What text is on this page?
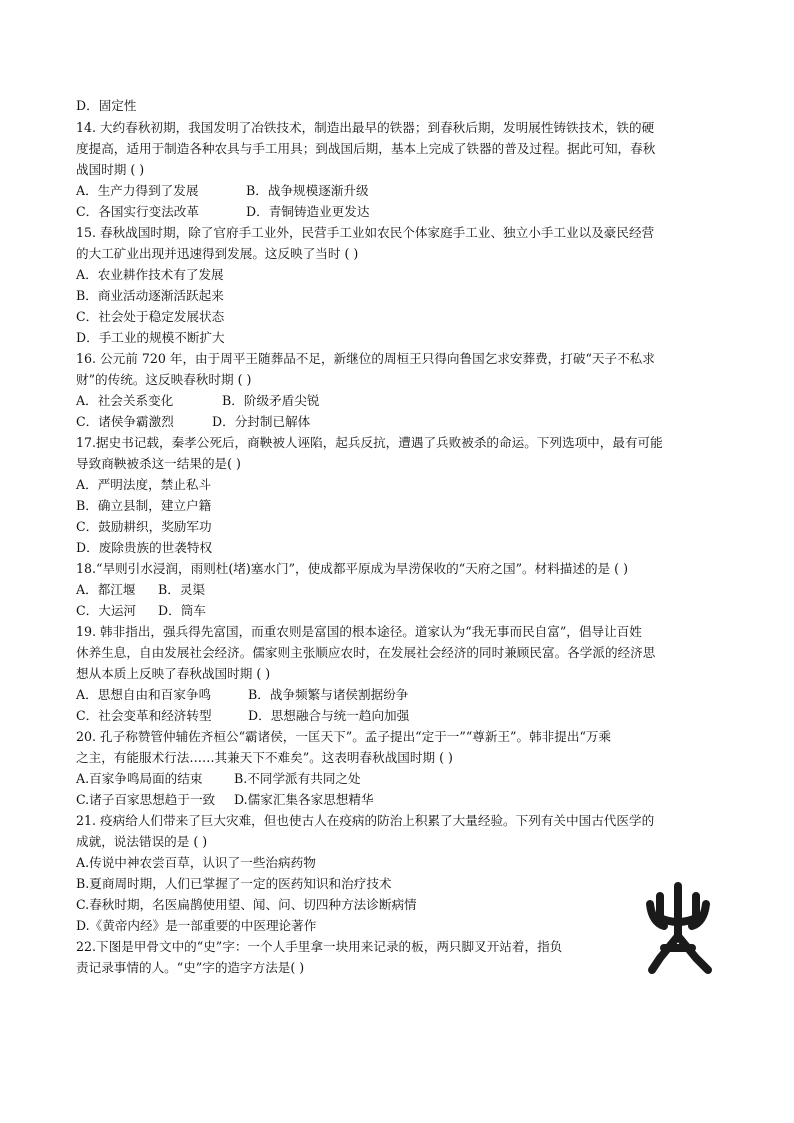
D．固定性
14. 大约春秋初期，我国发明了冶铁技术，制造出最早的铁器；到春秋后期，发明展性铸铁技术，铁的硬
度提高，适用于制造各种农具与手工用具；到战国后期，基本上完成了铁器的普及过程。据此可知，春秋
战国时期 ( )
A．生产力得到了发展	B．战争规模逐渐升级
C．各国实行变法改革	D．青铜铸造业更发达
15. 春秋战国时期，除了官府手工业外，民营手工业如农民个体家庭手工业、独立小手工业以及豪民经营
的大工矿业出现并迅速得到发展。这反映了当时 ( )
A．农业耕作技术有了发展
B．商业活动逐渐活跃起来
C．社会处于稳定发展状态
D．手工业的规模不断扩大
16. 公元前 720 年，由于周平王随葬品不足，新继位的周桓王只得向鲁国乞求安葬费，打破“天子不私求
财”的传统。这反映春秋时期 ( )
A．社会关系变化	B．阶级矛盾尖锐
C．诸侯争霸激烈	D．分封制已解体
17.据史书记载，秦孝公死后，商鞅被人诬陷，起兵反抗，遭遇了兵败被杀的命运。下列选项中，最有可能
导致商鞅被杀这一结果的是( )
A．严明法度，禁止私斗
B．确立县制，建立户籍
C．鼓励耕织，奖励军功
D．废除贵族的世袭特权
18.“旱则引水浸润，雨则杜(堵)塞水门”，使成都平原成为旱涝保收的“天府之国”。材料描述的是 ( )
A．都江堰 B．灵渠
C．大运河 D．筒车
19. 韩非指出，强兵得先富国，而重农则是富国的根本途径。道家认为“我无事而民自富”，倡导让百姓
休养生息，自由发展社会经济。儒家则主张顺应农时，在发展社会经济的同时兼顾民富。各学派的经济思
想从本质上反映了春秋战国时期 ( )
A．思想自由和百家争鸣	B．战争频繁与诸侯割据纷争
C．社会变革和经济转型	D．思想融合与统一趋向加强
20. 孔子称赞管仲辅佐齐桓公“霸诸侯，一匡天下”。孟子提出“定于一”“尊新王”。韩非提出“万乘
之主，有能服术行法……其兼天下不难矣”。这表明春秋战国时期 ( )
A.百家争鸣局面的结束	B.不同学派有共同之处
C.诸子百家思想趋于一致 D.儒家汇集各家思想精华
21. 疫病给人们带来了巨大灾难，但也使古人在疫病的防治上积累了大量经验。下列有关中国古代医学的
成就，说法错误的是 ( )
A.传说中神农尝百草，认识了一些治病药物
B.夏商周时期，人们已掌握了一定的医药知识和治疗技术
C.春秋时期，名医扁鹊使用望、闻、问、切四种方法诊断病情
D.《黄帝内经》是一部重要的中医理论著作
22.下图是甲骨文中的“史”字：一个人手里拿一块用来记录的板，两只脚叉开站着，指负
责记录事情的人。“史”字的造字方法是( )
